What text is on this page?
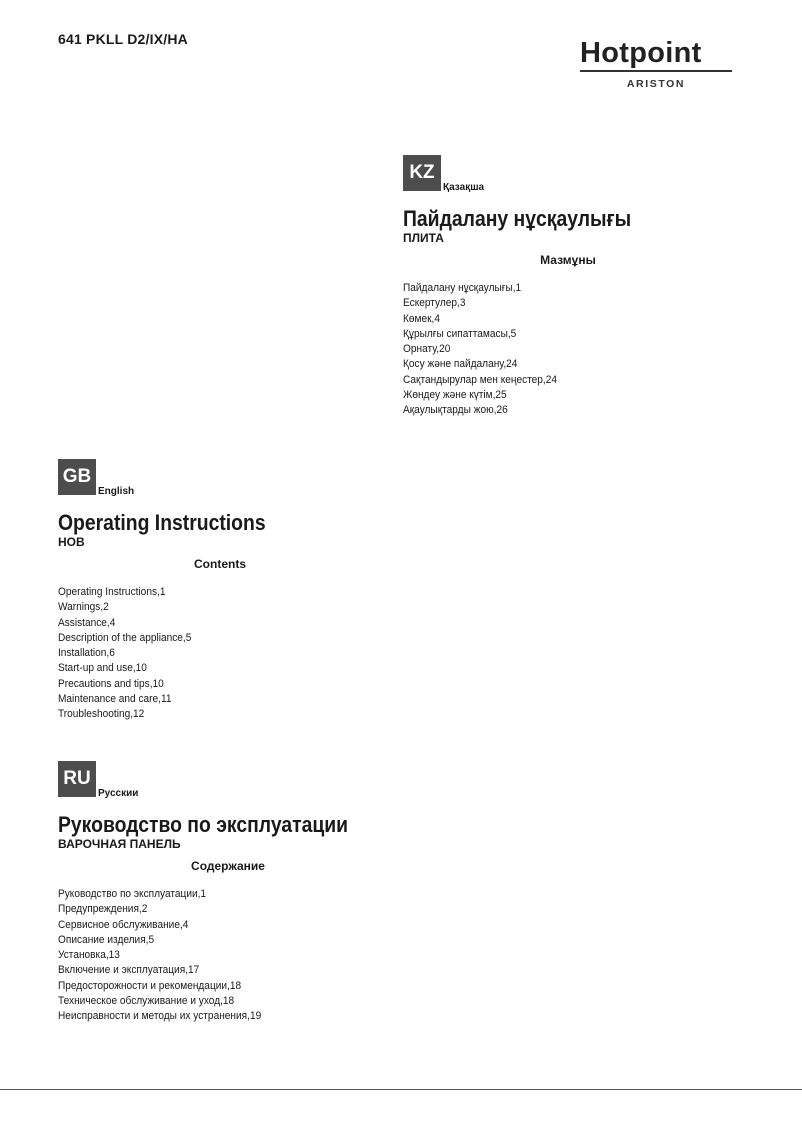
641 PKLL D2/IX/HA	Hotpoint
ARISTON
KZ
Қазақша
Пайдалану нұсқаулығы
ПЛИТА
Мазмұны
Пайдалану нұсқаулығы,1
Ескертулер,3
Көмек,4
Құрылғы сипаттамасы,5
Орнату,20
Қосу және пайдалану,24
Сақтандырулар мен кеңестер,24
Жөндеу және күтім,25
Ақаулықтарды жою,26
GB
English
Operating Instructions
HOB
Contents
Operating Instructions,1
Warnings,2
Assistance,4
Description of the appliance,5
Installation,6
Start-up and use,10
Precautions and tips,10
Maintenance and care,11
Troubleshooting,12
RU
Русскии
Руководство по эксплуатации
ВАРОЧНАЯ ПАНЕЛЬ
Содержание
Руководство по эксплуатации,1
Предупреждения,2
Сервисное обслуживание,4
Описание изделия,5
Установка,13
Включение и эксплуатация,17
Предосторожности и рекомендации,18
Техническое обслуживание и уход,18
Неисправности и методы их устранения,19
